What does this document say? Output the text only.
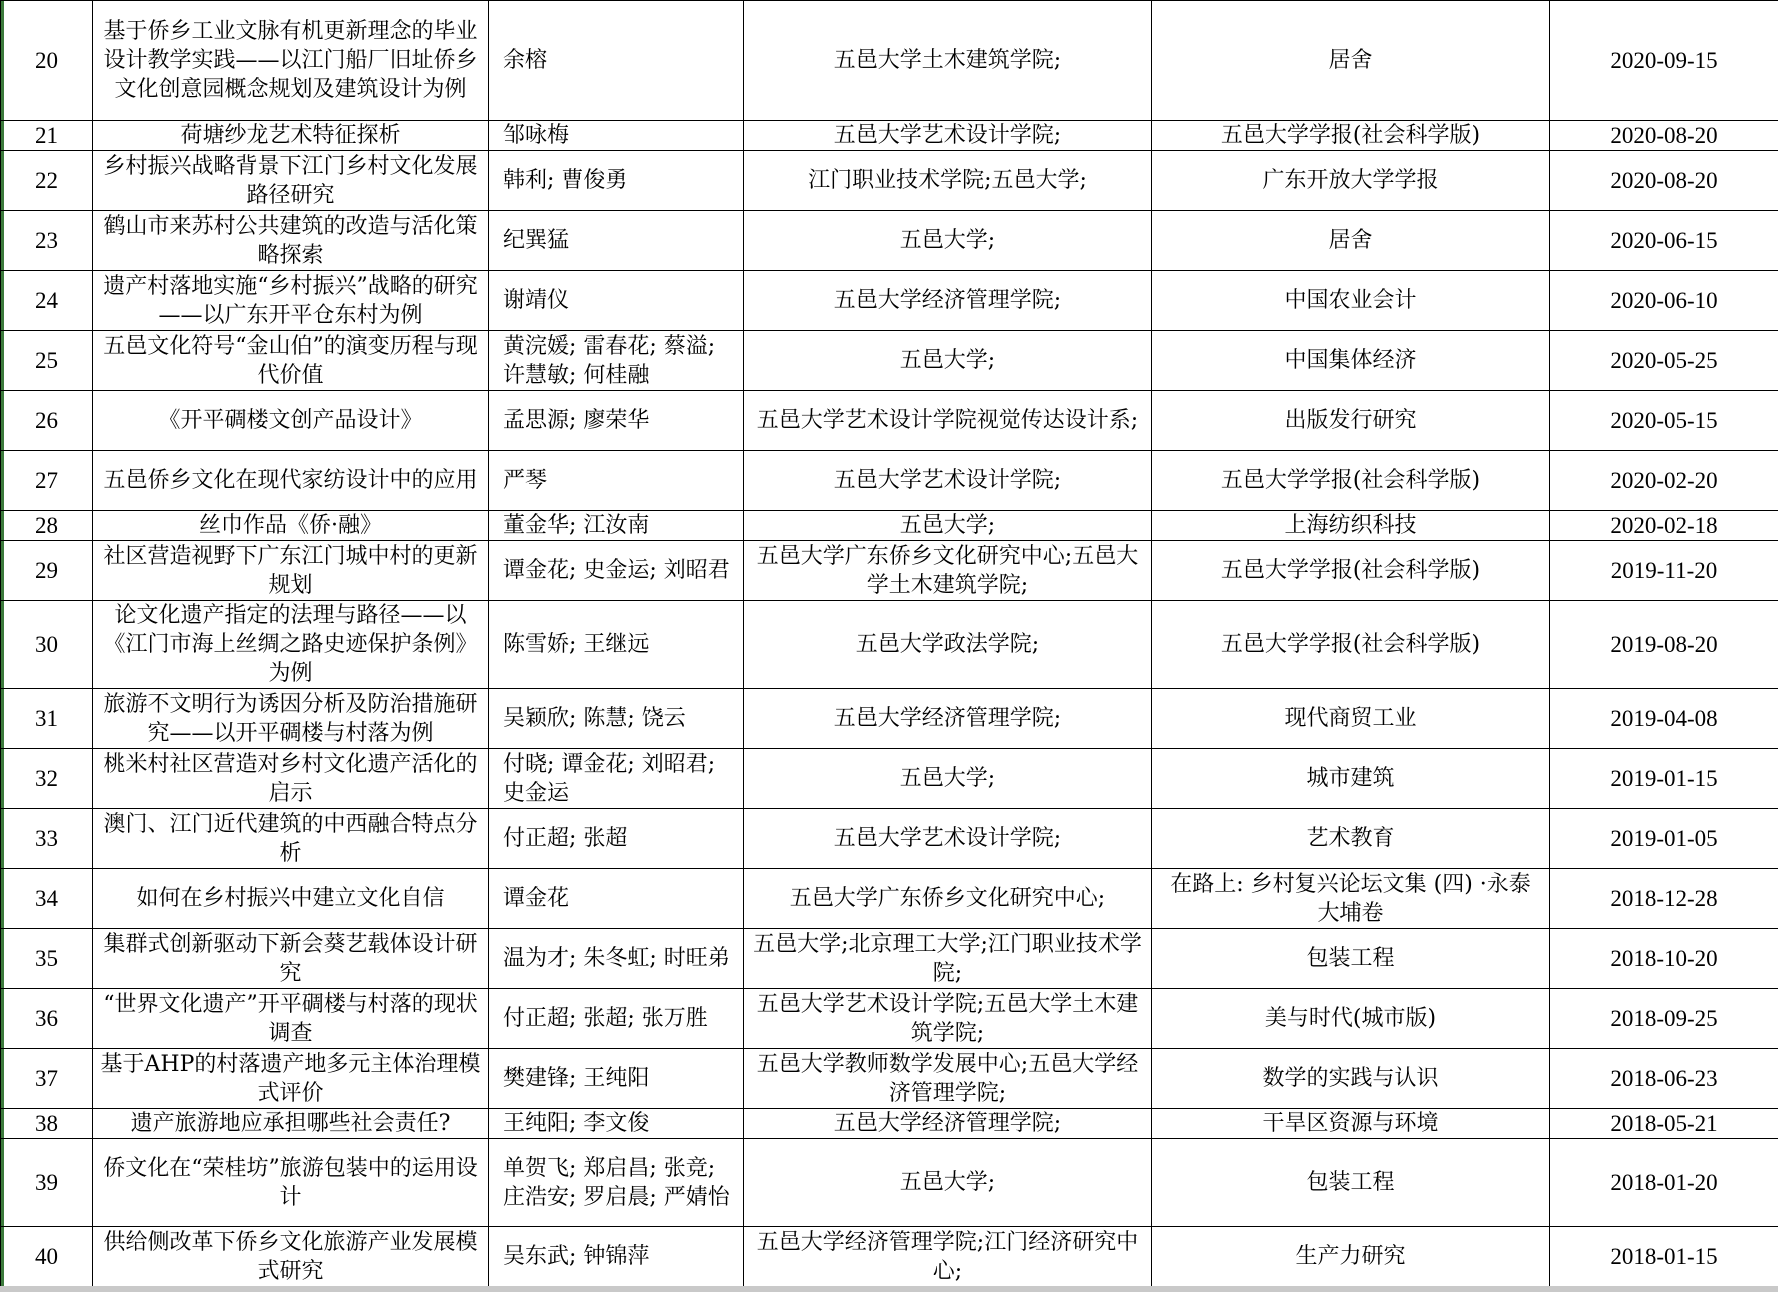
20	基于侨乡工业文脉有机更新理念的毕业设计教学实践——以江门船厂旧址侨乡文化创意园概念规划及建筑设计为例	余榕	五邑大学土木建筑学院;	居舍	2020-09-15
21	荷塘纱龙艺术特征探析	邹咏梅	五邑大学艺术设计学院;	五邑大学学报(社会科学版)	2020-08-20
22	乡村振兴战略背景下江门乡村文化发展路径研究	韩利; 曹俊勇	江门职业技术学院;五邑大学;	广东开放大学学报	2020-08-20
23	鹤山市来苏村公共建筑的改造与活化策略探索	纪巽猛	五邑大学;	居舍	2020-06-15
24	遗产村落地实施“乡村振兴”战略的研究——以广东开平仓东村为例	谢靖仪	五邑大学经济管理学院;	中国农业会计	2020-06-10
25	五邑文化符号“金山伯”的演变历程与现代价值	黄浣媛; 雷春花; 蔡溢; 许慧敏; 何桂融	五邑大学;	中国集体经济	2020-05-25
26	《开平碉楼文创产品设计》	孟思源; 廖荣华	五邑大学艺术设计学院视觉传达设计系;	出版发行研究	2020-05-15
27	五邑侨乡文化在现代家纺设计中的应用	严琴	五邑大学艺术设计学院;	五邑大学学报(社会科学版)	2020-02-20
28	丝巾作品《侨·融》	董金华; 江汝南	五邑大学;	上海纺织科技	2020-02-18
29	社区营造视野下广东江门城中村的更新规划	谭金花; 史金运; 刘昭君	五邑大学广东侨乡文化研究中心;五邑大学土木建筑学院;	五邑大学学报(社会科学版)	2019-11-20
30	论文化遗产指定的法理与路径——以《江门市海上丝绸之路史迹保护条例》为例	陈雪娇; 王继远	五邑大学政法学院;	五邑大学学报(社会科学版)	2019-08-20
31	旅游不文明行为诱因分析及防治措施研究——以开平碉楼与村落为例	吴颖欣; 陈慧; 饶云	五邑大学经济管理学院;	现代商贸工业	2019-04-08
32	桃米村社区营造对乡村文化遗产活化的启示	付晓; 谭金花; 刘昭君; 史金运	五邑大学;	城市建筑	2019-01-15
33	澳门、江门近代建筑的中西融合特点分析	付正超; 张超	五邑大学艺术设计学院;	艺术教育	2019-01-05
34	如何在乡村振兴中建立文化自信	谭金花	五邑大学广东侨乡文化研究中心;	在路上: 乡村复兴论坛文集 (四) ·永泰 大埔卷	2018-12-28
35	集群式创新驱动下新会葵艺载体设计研究	温为才; 朱冬虹; 时旺弟	五邑大学;北京理工大学;江门职业技术学院;	包装工程	2018-10-20
36	“世界文化遗产”开平碉楼与村落的现状调查	付正超; 张超; 张万胜	五邑大学艺术设计学院;五邑大学土木建筑学院;	美与时代(城市版)	2018-09-25
37	基于AHP的村落遗产地多元主体治理模式评价	樊建锋; 王纯阳	五邑大学教师数学发展中心;五邑大学经济管理学院;	数学的实践与认识	2018-06-23
38	遗产旅游地应承担哪些社会责任?	王纯阳; 李文俊	五邑大学经济管理学院;	干旱区资源与环境	2018-05-21
39	侨文化在“荣桂坊”旅游包装中的运用设计	单贺飞; 郑启昌; 张竞; 庄浩安; 罗启晨; 严婧怡	五邑大学;	包装工程	2018-01-20
40	供给侧改革下侨乡文化旅游产业发展模式研究	吴东武; 钟锦萍	五邑大学经济管理学院;江门经济研究中心;	生产力研究	2018-01-15
